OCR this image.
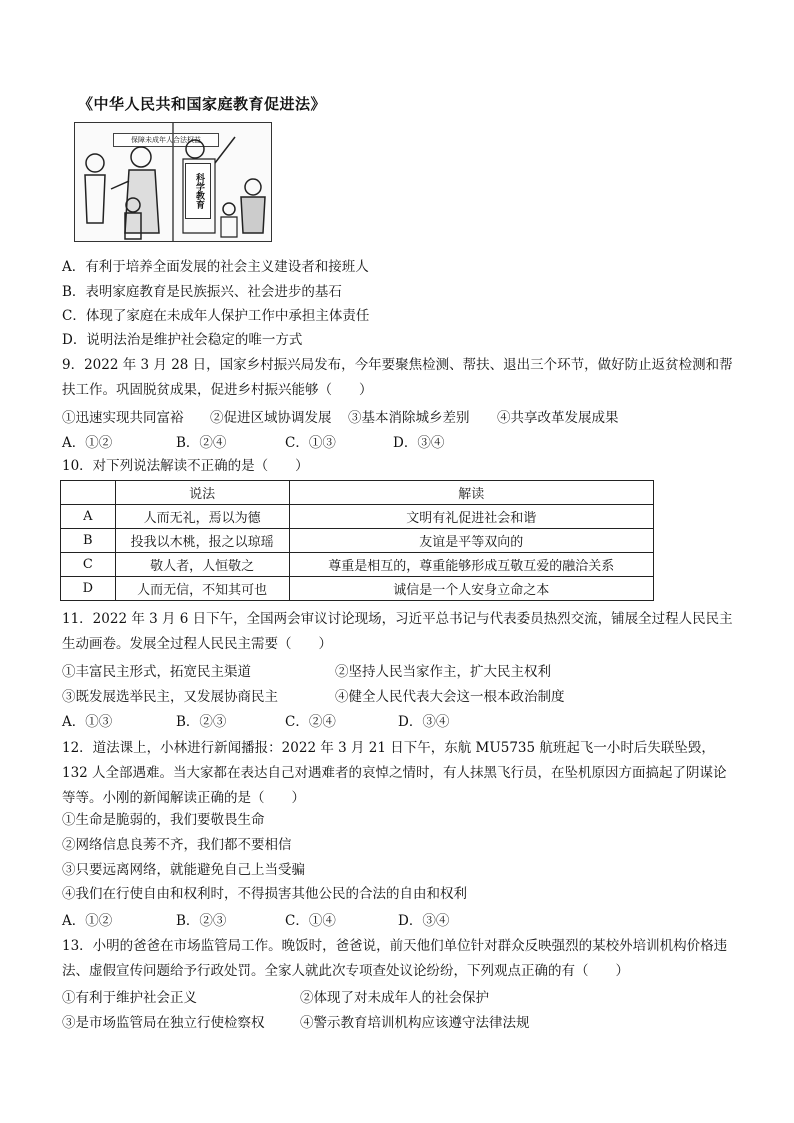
《中华人民共和国家庭教育促进法》
保障未成年人合法权益
科学教育
A．有利于培养全面发展的社会主义建设者和接班人
B．表明家庭教育是民族振兴、社会进步的基石
C．体现了家庭在未成年人保护工作中承担主体责任
D．说明法治是维护社会稳定的唯一方式
9．2022 年 3 月 28 日，国家乡村振兴局发布，今年要聚焦检测、帮扶、退出三个环节，做好防止返贫检测和帮扶工作。巩固脱贫成果，促进乡村振兴能够（　　）
①迅速实现共同富裕 ②促进区域协调发展 ③基本消除城乡差别 ④共享改革发展成果
A．①②	B．②④	C．①③	D．③④
10．对下列说法解读不正确的是（　　）
	说法	解读
A	人而无礼，焉以为德	文明有礼促进社会和谐
B	投我以木桃，报之以琼瑶	友谊是平等双向的
C	敬人者，人恒敬之	尊重是相互的，尊重能够形成互敬互爱的融洽关系
D	人而无信，不知其可也	诚信是一个人安身立命之本
11．2022 年 3 月 6 日下午，全国两会审议讨论现场，习近平总书记与代表委员热烈交流，铺展全过程人民民主生动画卷。发展全过程人民民主需要（　　）
①丰富民主形式，拓宽民主渠道	②坚持人民当家作主，扩大民主权利
③既发展选举民主，又发展协商民主	④健全人民代表大会这一根本政治制度
A．①③	B．②③	C．②④	D．③④
12．道法课上，小林进行新闻播报：2022 年 3 月 21 日下午，东航 MU5735 航班起飞一小时后失联坠毁，132 人全部遇难。当大家都在表达自己对遇难者的哀悼之情时，有人抹黑飞行员，在坠机原因方面搞起了阴谋论等等。小刚的新闻解读正确的是（　　）
①生命是脆弱的，我们要敬畏生命
②网络信息良莠不齐，我们都不要相信
③只要远离网络，就能避免自己上当受骗
④我们在行使自由和权利时，不得损害其他公民的合法的自由和权利
A．①②	B．②③	C．①④	D．③④
13．小明的爸爸在市场监管局工作。晚饭时，爸爸说，前天他们单位针对群众反映强烈的某校外培训机构价格违法、虚假宣传问题给予行政处罚。全家人就此次专项查处议论纷纷，下列观点正确的有（　　）
①有利于维护社会正义	②体现了对未成年人的社会保护
③是市场监管局在独立行使检察权	④警示教育培训机构应该遵守法律法规
